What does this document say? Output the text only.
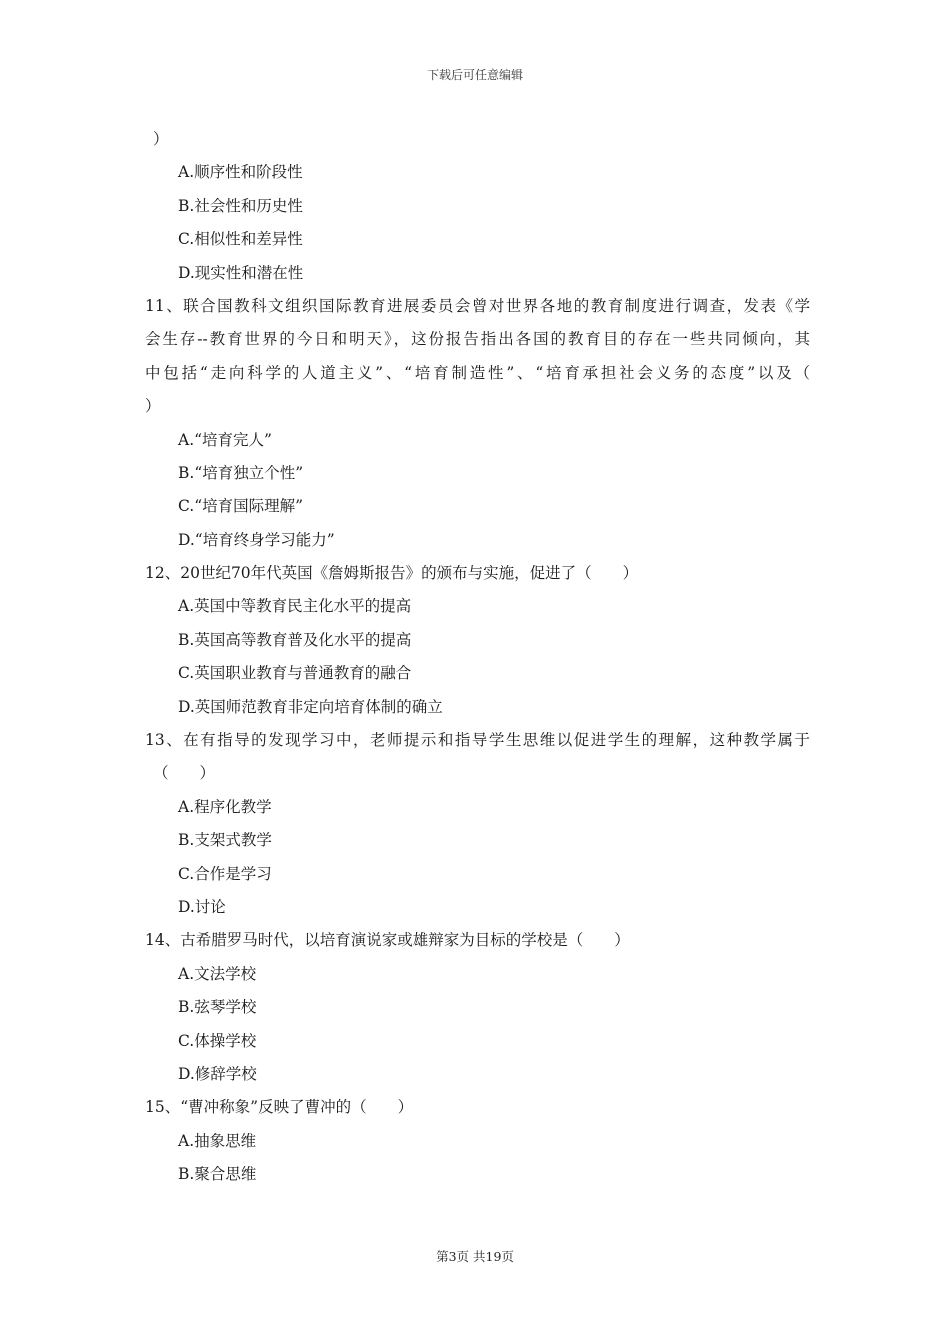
下载后可任意编辑
）
A.顺序性和阶段性
B.社会性和历史性
C.相似性和差异性
D.现实性和潜在性
11、联合国教科文组织国际教育进展委员会曾对世界各地的教育制度进行调查，发表《学
会生存--教育世界的今日和明天》，这份报告指出各国的教育目的存在一些共同倾向，其
中包括“走向科学的人道主义”、“培育制造性”、“培育承担社会义务的态度”以及（
）
A.“培育完人”
B.“培育独立个性”
C.“培育国际理解”
D.“培育终身学习能力”
12、20世纪70年代英国《詹姆斯报告》的颁布与实施，促进了（　　）
A.英国中等教育民主化水平的提高
B.英国高等教育普及化水平的提高
C.英国职业教育与普通教育的融合
D.英国师范教育非定向培育体制的确立
13、在有指导的发现学习中，老师提示和指导学生思维以促进学生的理解，这种教学属于
（　　）
A.程序化教学
B.支架式教学
C.合作是学习
D.讨论
14、古希腊罗马时代，以培育演说家或雄辩家为目标的学校是（　　）
A.文法学校
B.弦琴学校
C.体操学校
D.修辞学校
15、“曹冲称象”反映了曹冲的（　　）
A.抽象思维
B.聚合思维
第3页 共19页
